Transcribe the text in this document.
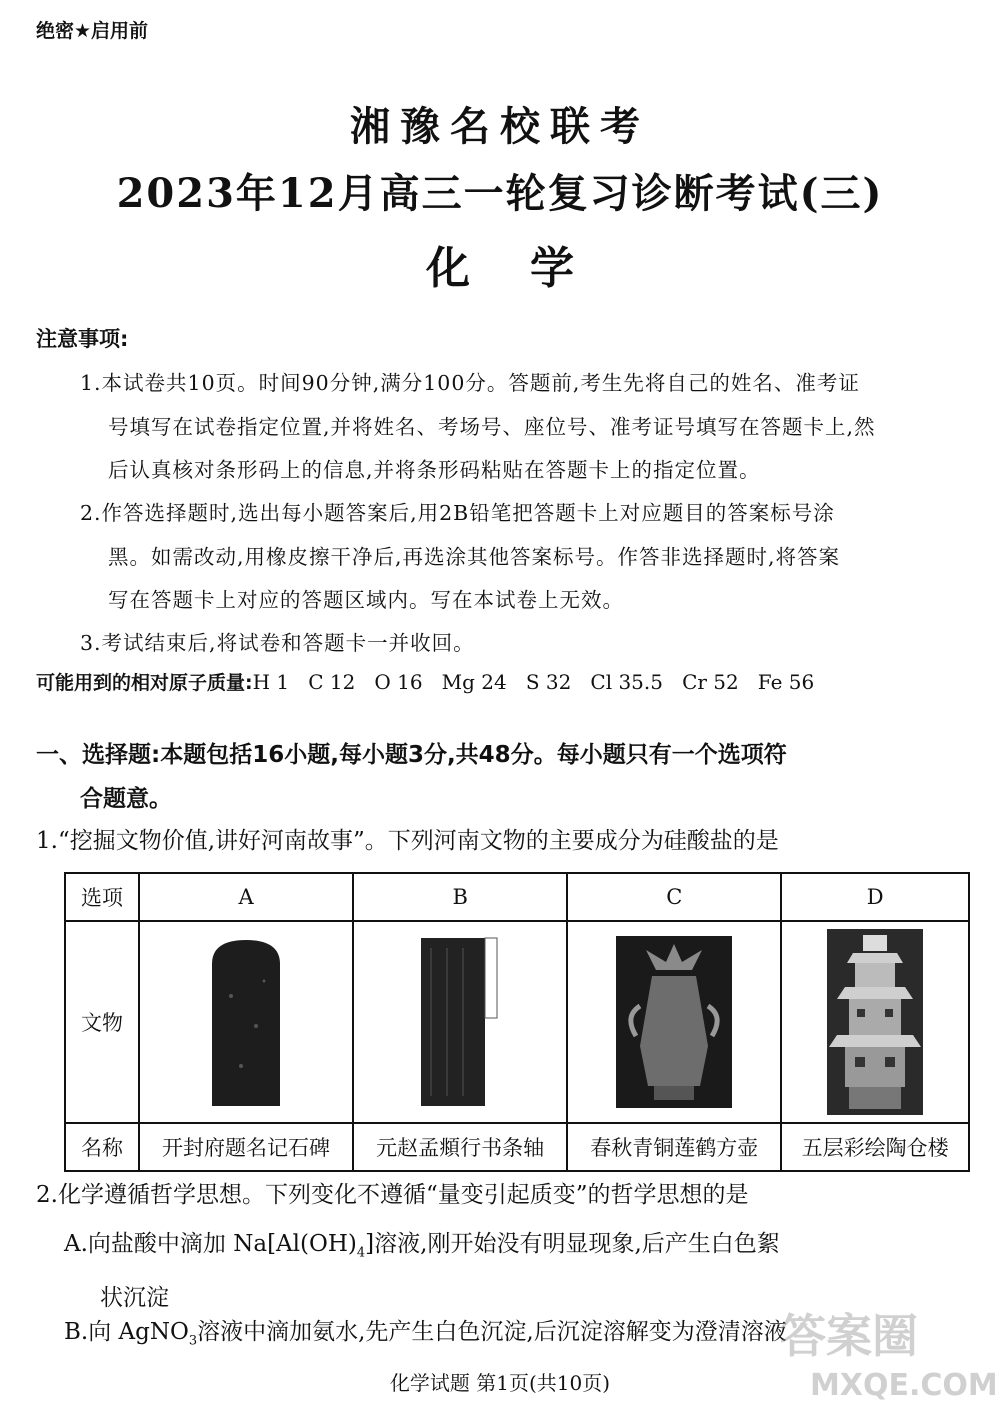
绝密★启用前
湘豫名校联考
2023年12月高三一轮复习诊断考试(三)
化学
注意事项:
1.本试卷共10页。时间90分钟,满分100分。答题前,考生先将自己的姓名、准考证
号填写在试卷指定位置,并将姓名、考场号、座位号、准考证号填写在答题卡上,然
后认真核对条形码上的信息,并将条形码粘贴在答题卡上的指定位置。
2.作答选择题时,选出每小题答案后,用2B铅笔把答题卡上对应题目的答案标号涂
黑。如需改动,用橡皮擦干净后,再选涂其他答案标号。作答非选择题时,将答案
写在答题卡上对应的答题区域内。写在本试卷上无效。
3.考试结束后,将试卷和答题卡一并收回。
可能用到的相对原子质量:H 1   C 12   O 16   Mg 24   S 32   Cl 35.5   Cr 52   Fe 56
一、选择题:本题包括16小题,每小题3分,共48分。每小题只有一个选项符
合题意。
1.“挖掘文物价值,讲好河南故事”。下列河南文物的主要成分为硅酸盐的是
选项	A	B	C	D
文物				
名称	开封府题名记石碑	元赵孟頫行书条轴	春秋青铜莲鹤方壶	五层彩绘陶仓楼
2.化学遵循哲学思想。下列变化不遵循“量变引起质变”的哲学思想的是
A.向盐酸中滴加 $Na[Al(OH)_4]$溶液,刚开始没有明显现象,后产生白色絮
状沉淀
B.向 AgNO$_3$溶液中滴加氨水,先产生白色沉淀,后沉淀溶解变为澄清溶液
化学试题 第1页(共10页)
答案圈
MXQE.COM
